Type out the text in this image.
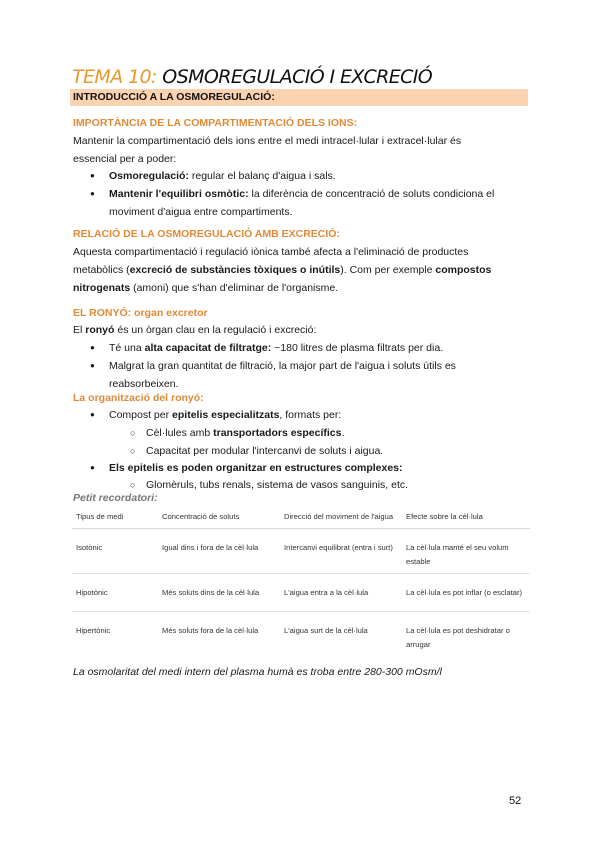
TEMA 10: OSMOREGULACIÓ I EXCRECIÓ
INTRODUCCIÓ A LA OSMOREGULACIÓ:
IMPORTÀNCIA DE LA COMPARTIMENTACIÓ DELS IONS:
Mantenir la compartimentació dels ions entre el medi intracel·lular i extracel·lular és
essencial per a poder:
● Osmoregulació: regular el balanç d'aigua i sals.
● Mantenir l'equilibri osmòtic: la diferència de concentració de soluts condiciona el
moviment d'aigua entre compartiments.
RELACIÓ DE LA OSMOREGULACIÓ AMB EXCRECIÓ:
Aquesta compartimentació i regulació iònica també afecta a l'eliminació de productes
metabòlics (excreció de substàncies tòxiques o inútils). Com per exemple compostos
nitrogenats (amoni) que s'han d'eliminar de l'organisme.
EL RONYÓ: organ excretor
El ronyó és un òrgan clau en la regulació i excreció:
● Té una alta capacitat de filtratge: ~180 litres de plasma filtrats per dia.
● Malgrat la gran quantitat de filtració, la major part de l'aigua i soluts útils es
reabsorbeixen.
La organització del ronyó:
● Compost per epitelis especialitzats, formats per:
○ Cèl·lules amb transportadors específics.
○ Capacitat per modular l'intercanvi de soluts i aigua.
● Els epitelis es poden organitzar en estructures complexes:
○ Glomèruls, tubs renals, sistema de vasos sanguinis, etc.
Petit recordatori:
Tipus de medi	Concentració de soluts	Direcció del moviment de l'aigua	Efecte sobre la cèl·lula
Isotònic	Igual dins i fora de la cèl·lula	Intercanvi equilibrat (entra i surt)	La cèl·lula manté el seu volum estable
Hipotònic	Més soluts dins de la cèl·lula	L'aigua entra a la cèl·lula	La cèl·lula es pot inflar (o esclatar)
Hipertònic	Més soluts fora de la cèl·lula	L'aigua surt de la cèl·lula	La cèl·lula es pot deshidratar o arrugar
La osmolaritat del medi intern del plasma humà es troba entre 280-300 mOsm/l
52
